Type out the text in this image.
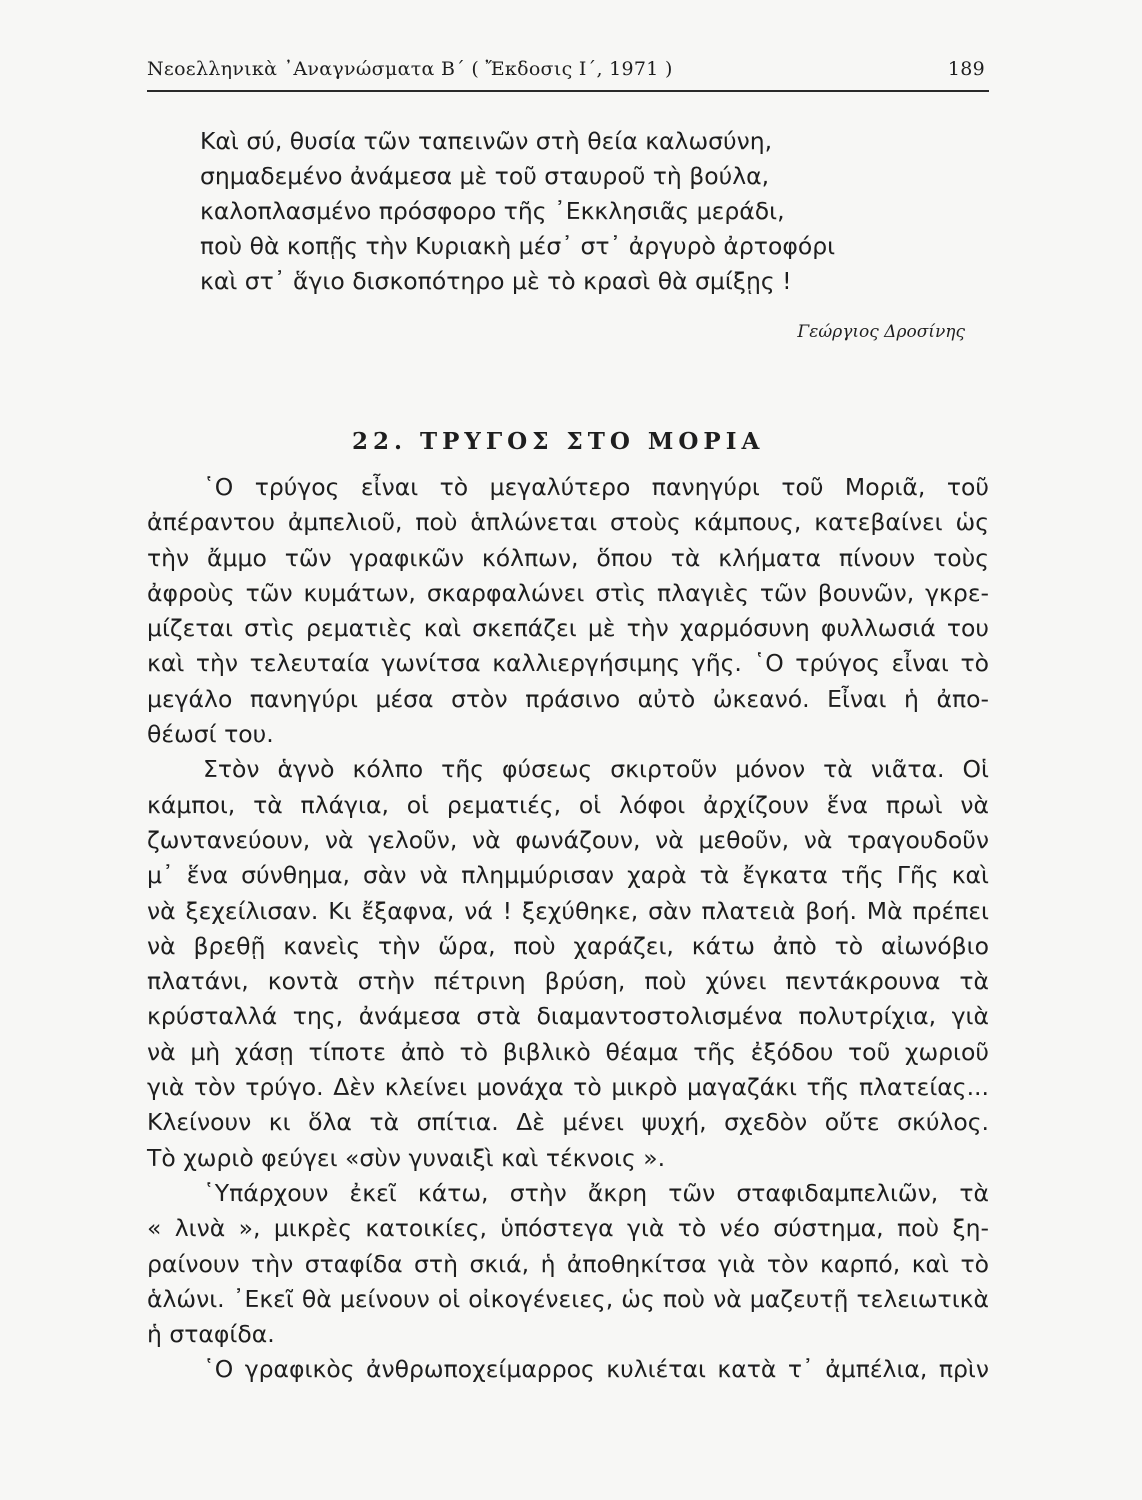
Νεοελληνικὰ ᾿Αναγνώσματα Β΄ ( Ἔκδοσις Ι΄, 1971 )	189
Καὶ σύ, θυσία τῶν ταπεινῶν στὴ θεία καλωσύνη,
σημαδεμένο ἀνάμεσα μὲ τοῦ σταυροῦ τὴ βούλα,
καλοπλασμένο πρόσφορο τῆς ᾿Εκκλησιᾶς μεράδι,
ποὺ θὰ κοπῇς τὴν Κυριακὴ μέσ᾿ στ᾿ ἀργυρὸ ἀρτοφόρι
καὶ στ᾿ ἅγιο δισκοπότηρο μὲ τὸ κρασὶ θὰ σμίξῃς !
Γεώργιος Δροσίνης
22. ΤΡΥΓΟΣ ΣΤΟ ΜΟΡΙΑ
῾Ο τρύγος εἶναι τὸ μεγαλύτερο πανηγύρι τοῦ Μοριᾶ, τοῦ
ἀπέραντου ἀμπελιοῦ, ποὺ ἁπλώνεται στοὺς κάμπους, κατεβαίνει ὡς
τὴν ἄμμο τῶν γραφικῶν κόλπων, ὅπου τὰ κλήματα πίνουν τοὺς
ἀφροὺς τῶν κυμάτων, σκαρφαλώνει στὶς πλαγιὲς τῶν βουνῶν, γκρε-
μίζεται στὶς ρεματιὲς καὶ σκεπάζει μὲ τὴν χαρμόσυνη φυλλωσιά του
καὶ τὴν τελευταία γωνίτσα καλλιεργήσιμης γῆς. ῾Ο τρύγος εἶναι τὸ
μεγάλο πανηγύρι μέσα στὸν πράσινο αὐτὸ ὠκεανό. Εἶναι ἡ ἀπο-
θέωσί του.
Στὸν ἁγνὸ κόλπο τῆς φύσεως σκιρτοῦν μόνον τὰ νιᾶτα. Οἱ
κάμποι, τὰ πλάγια, οἱ ρεματιές, οἱ λόφοι ἀρχίζουν ἕνα πρωὶ νὰ
ζωντανεύουν, νὰ γελοῦν, νὰ φωνάζουν, νὰ μεθοῦν, νὰ τραγουδοῦν
μ᾿ ἕνα σύνθημα, σὰν νὰ πλημμύρισαν χαρὰ τὰ ἔγκατα τῆς Γῆς καὶ
νὰ ξεχείλισαν. Κι ἔξαφνα, νά ! ξεχύθηκε, σὰν πλατειὰ βοή. Μὰ πρέπει
νὰ βρεθῇ κανεὶς τὴν ὥρα, ποὺ χαράζει, κάτω ἀπὸ τὸ αἰωνόβιο
πλατάνι, κοντὰ στὴν πέτρινη βρύση, ποὺ χύνει πεντάκρουνα τὰ
κρύσταλλά της, ἀνάμεσα στὰ διαμαντοστολισμένα πολυτρίχια, γιὰ
νὰ μὴ χάσῃ τίποτε ἀπὸ τὸ βιβλικὸ θέαμα τῆς ἐξόδου τοῦ χωριοῦ
γιὰ τὸν τρύγο. Δὲν κλείνει μονάχα τὸ μικρὸ μαγαζάκι τῆς πλατείας...
Κλείνουν κι ὅλα τὰ σπίτια. Δὲ μένει ψυχή, σχεδὸν οὔτε σκύλος.
Τὸ χωριὸ φεύγει «σὺν γυναιξὶ καὶ τέκνοις ».
῾Υπάρχουν ἐκεῖ κάτω, στὴν ἄκρη τῶν σταφιδαμπελιῶν, τὰ
« λινὰ », μικρὲς κατοικίες, ὑπόστεγα γιὰ τὸ νέο σύστημα, ποὺ ξη-
ραίνουν τὴν σταφίδα στὴ σκιά, ἡ ἀποθηκίτσα γιὰ τὸν καρπό, καὶ τὸ
ἁλώνι. ᾿Εκεῖ θὰ μείνουν οἱ οἰκογένειες, ὡς ποὺ νὰ μαζευτῇ τελειωτικὰ
ἡ σταφίδα.
῾Ο γραφικὸς ἀνθρωποχείμαρρος κυλιέται κατὰ τ᾿ ἀμπέλια, πρὶν
